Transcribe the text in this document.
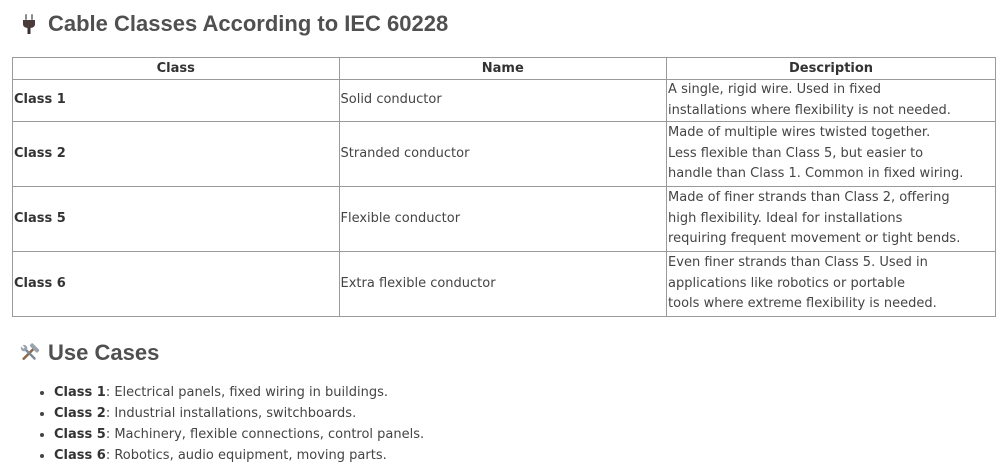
Cable Classes According to IEC 60228
Class	Name	Description
Class 1	Solid conductor	A single, rigid wire. Used in fixed
installations where flexibility is not needed.

Class 2	Stranded conductor	Made of multiple wires twisted together.
Less flexible than Class 5, but easier to
handle than Class 1. Common in fixed wiring.

Class 5	Flexible conductor	Made of finer strands than Class 2, offering
high flexibility. Ideal for installations
requiring frequent movement or tight bends.

Class 6	Extra flexible conductor	Even finer strands than Class 5. Used in
applications like robotics or portable
tools where extreme flexibility is needed.
Use Cases
• Class 1: Electrical panels, fixed wiring in buildings.
• Class 2: Industrial installations, switchboards.
• Class 5: Machinery, flexible connections, control panels.
• Class 6: Robotics, audio equipment, moving parts.
